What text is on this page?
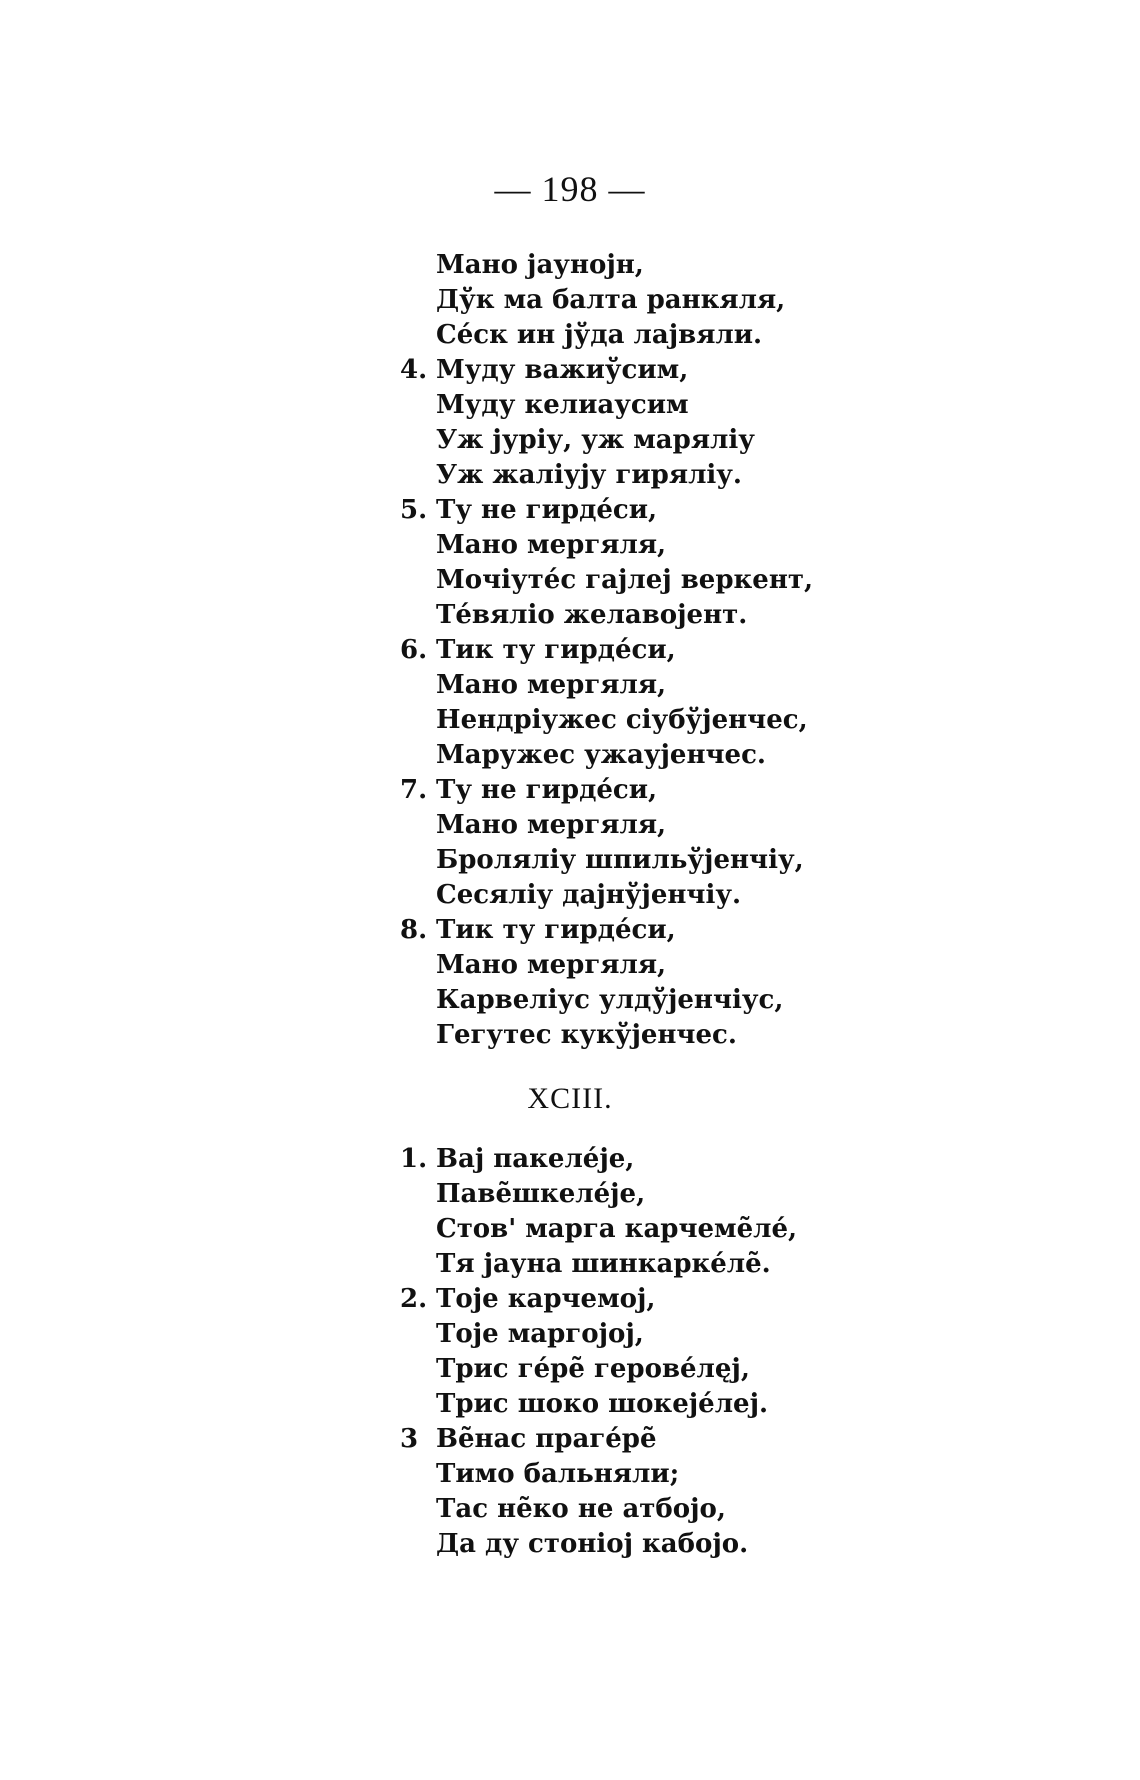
— 198 —
Мано јаунојн,
Дўк ма балта ранкяля,
Се́ск ин јўда лајвяли.
4. Муду важиўсим,
Муду келиаусим
Уж јурiу, уж марялiу
Уж жалiују гирялiу.
5. Ту не гирде́си,
Мано мергяля,
Мочiуте́с гајлеј веркент,
Те́вялiо желавојент.
6. Тик ту гирде́си,
Мано мергяля,
Нендрiужес сiубўјенчес,
Маружес ужаујенчес.
7. Ту не гирде́си,
Мано мергяля,
Бролялiу шпильўјенчiу,
Сесялiу дајнўјенчiу.
8. Тик ту гирде́си,
Мано мергяля,
Карвелiус улдўјенчiус,
Гегутес кукўјенчес.
XCIII.
1. Вај пакеле́је,
Паве̃шкеле́је,
Стов' марга карчеме̃ле́,
Тя јауна шинкарке́ле̃.
2. Тоје карчемој,
Тоје маргојој,
Трис ге́ре̃ герове́лęј,
Трис шоко шокеје́леј.
3 Ве̃нас праге́ре̃
Тимо бальняли;
Тас не̃ко не атбојо,
Да ду стонiој кабојо.
